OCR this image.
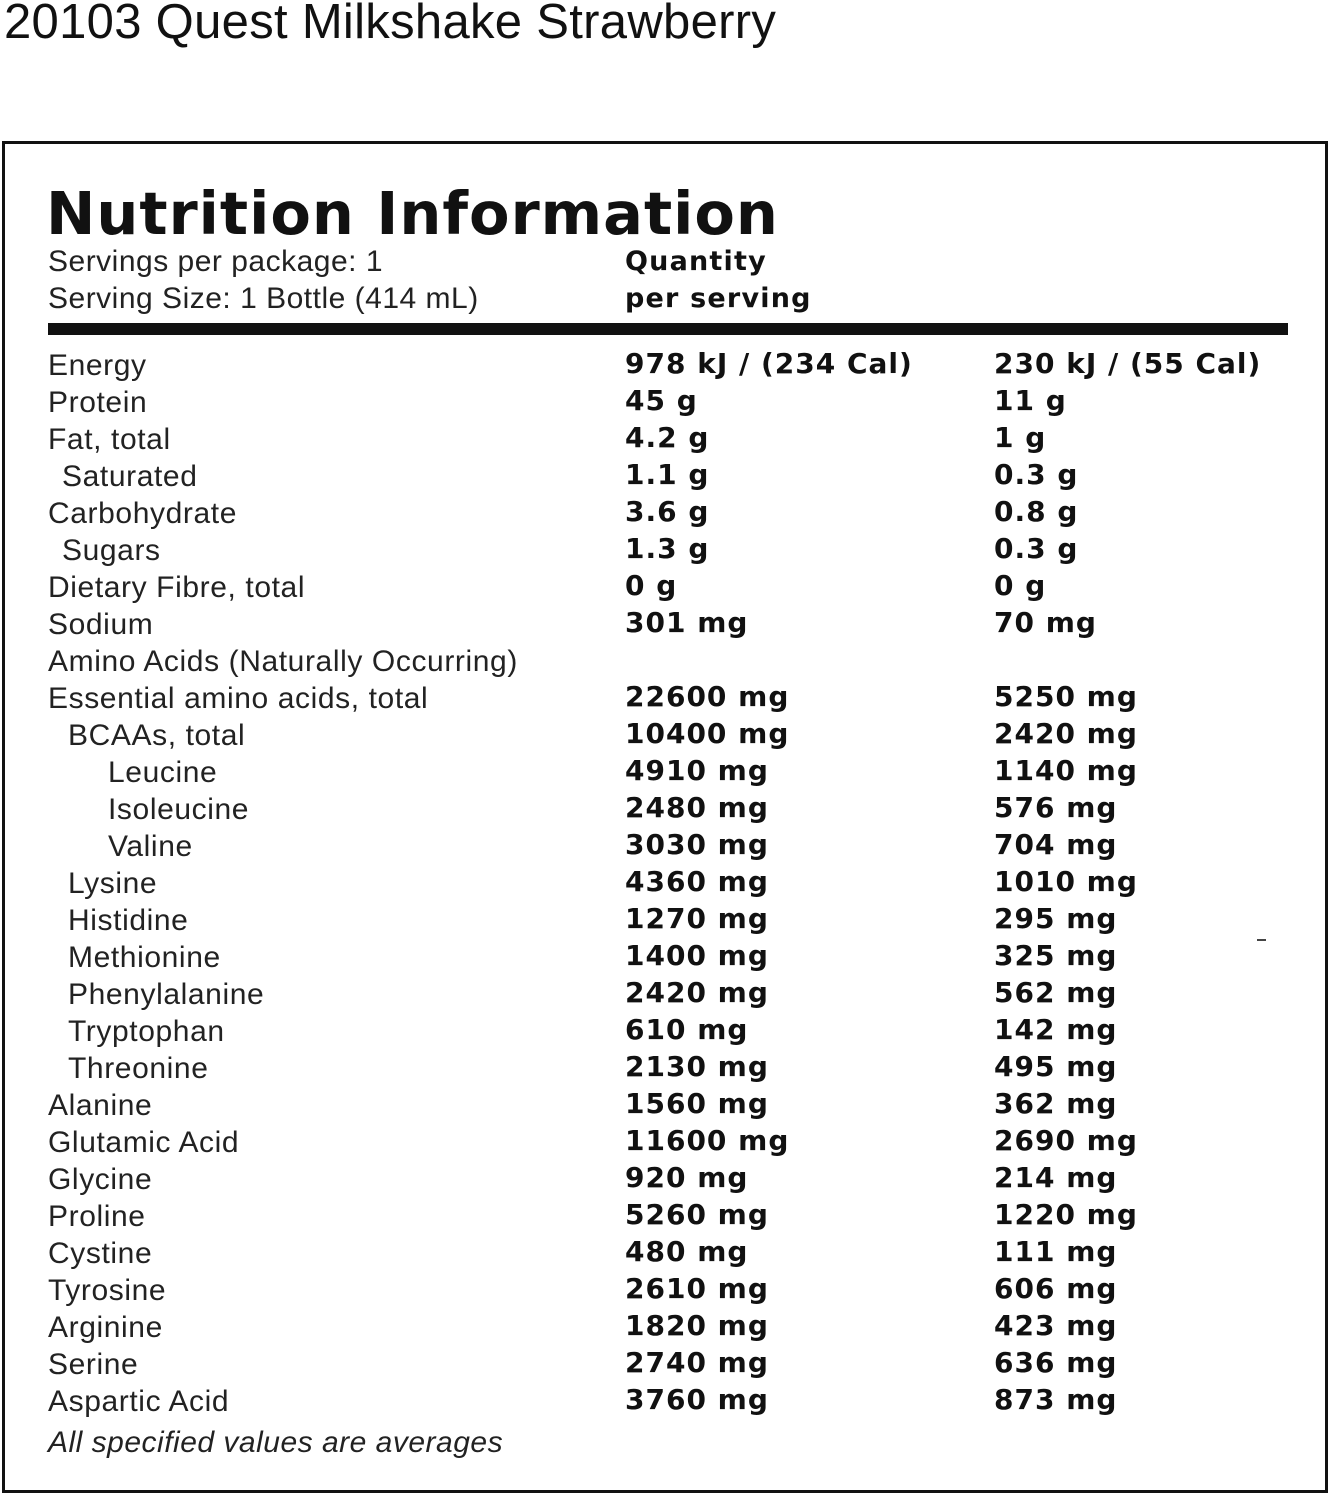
20103 Quest Milkshake Strawberry
Nutrition Information
Servings per package: 1
Serving Size: 1 Bottle (414 mL)
Quantity
per serving
Energy	978 kJ / (234 Cal)	230 kJ / (55 Cal)
Protein	45 g	11 g
Fat, total	4.2 g	1 g
Saturated	1.1 g	0.3 g
Carbohydrate	3.6 g	0.8 g
Sugars	1.3 g	0.3 g
Dietary Fibre, total	0 g	0 g
Sodium	301 mg	70 mg
Amino Acids (Naturally Occurring)
Essential amino acids, total	22600 mg	5250 mg
BCAAs, total	10400 mg	2420 mg
Leucine	4910 mg	1140 mg
Isoleucine	2480 mg	576 mg
Valine	3030 mg	704 mg
Lysine	4360 mg	1010 mg
Histidine	1270 mg	295 mg
Methionine	1400 mg	325 mg
Phenylalanine	2420 mg	562 mg
Tryptophan	610 mg	142 mg
Threonine	2130 mg	495 mg
Alanine	1560 mg	362 mg
Glutamic Acid	11600 mg	2690 mg
Glycine	920 mg	214 mg
Proline	5260 mg	1220 mg
Cystine	480 mg	111 mg
Tyrosine	2610 mg	606 mg
Arginine	1820 mg	423 mg
Serine	2740 mg	636 mg
Aspartic Acid	3760 mg	873 mg
All specified values are averages
